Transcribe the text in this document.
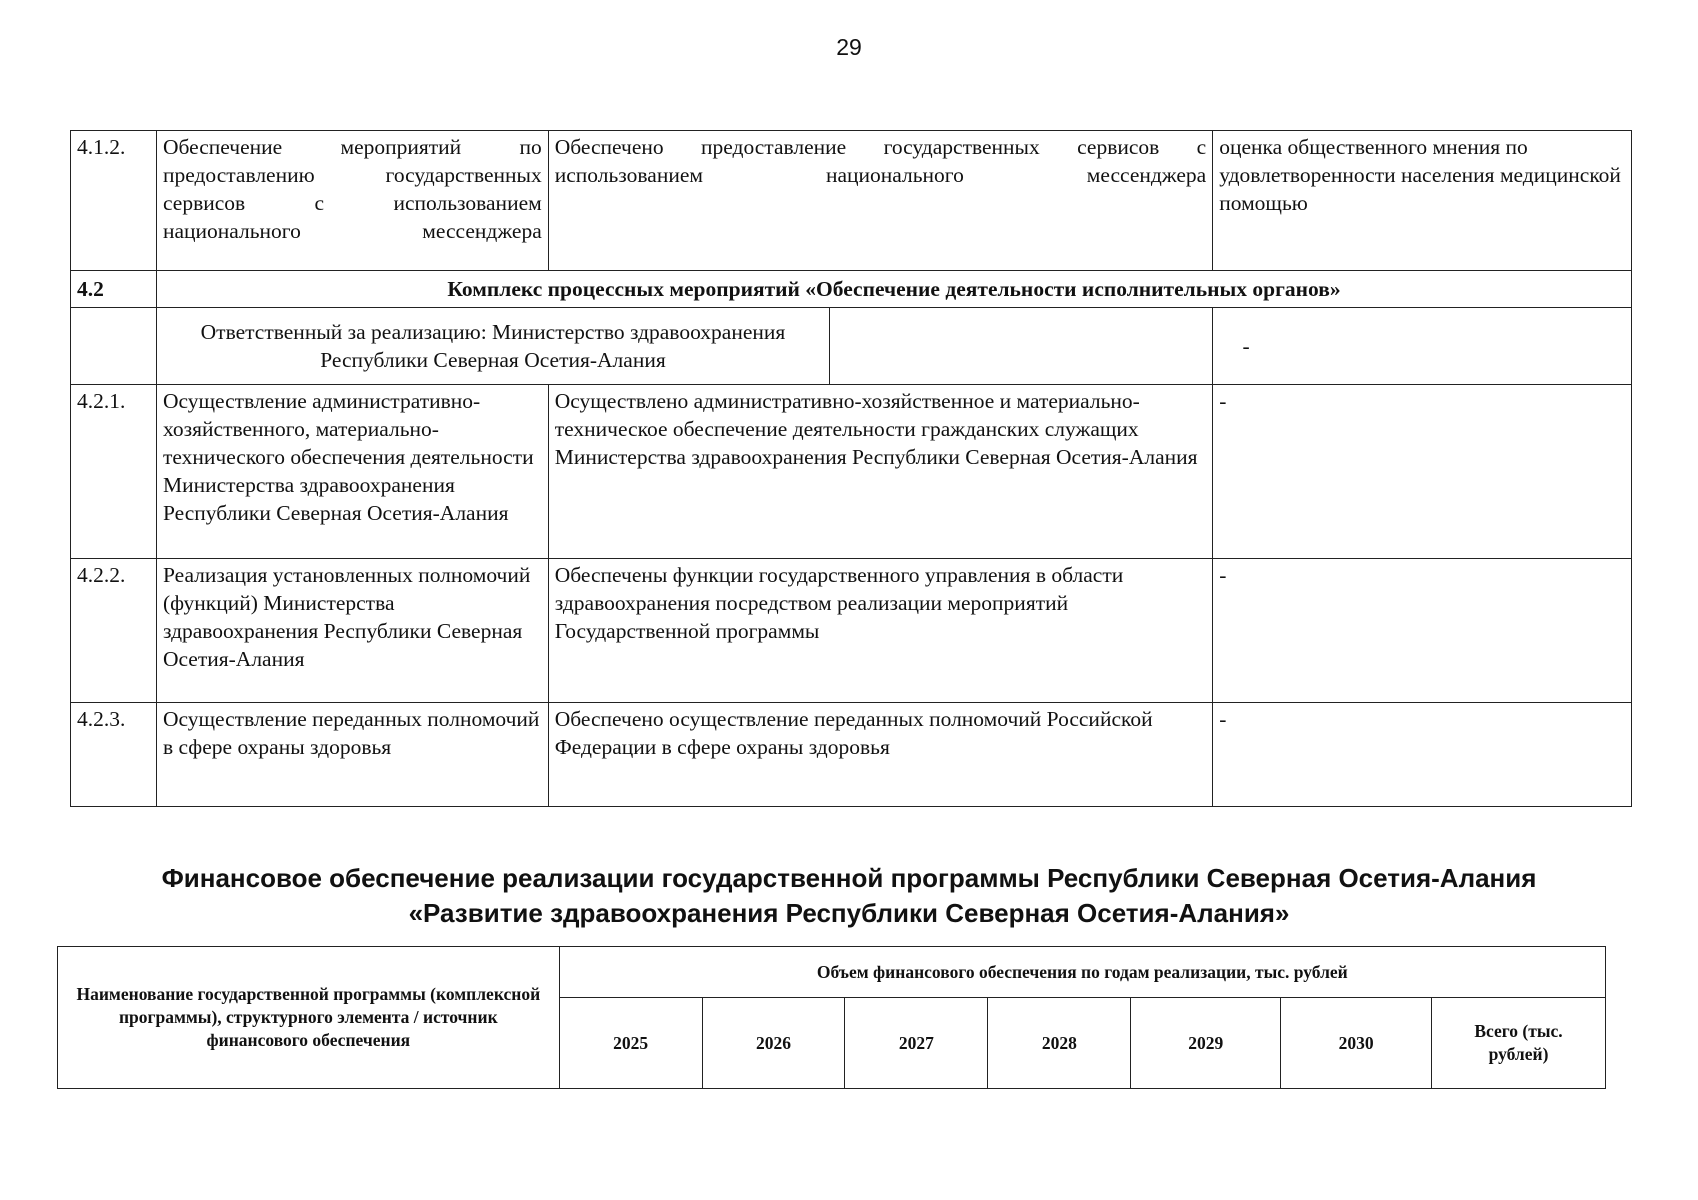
29
4.1.2.	Обеспечение мероприятий по предоставлению государственных сервисов с использованием национального мессенджера	Обеспечено предоставление государственных сервисов с использованием национального мессенджера	оценка общественного мнения по удовлетворенности населения медицинской помощью
4.2	Комплекс процессных мероприятий «Обеспечение деятельности исполнительных органов»

Ответственный за реализацию: Министерство здравоохранения Республики Северная Осетия-Алания	-

4.2.1.	Осуществление административно-хозяйственного, материально-технического обеспечения деятельности Министерства здравоохранения Республики Северная Осетия-Алания	Осуществлено административно-хозяйственное и материально-техническое обеспечение деятельности гражданских служащих Министерства здравоохранения Республики Северная Осетия-Алания	-
4.2.2.	Реализация установленных полномочий (функций) Министерства здравоохранения Республики Северная Осетия-Алания	Обеспечены функции государственного управления в области здравоохранения посредством реализации мероприятий Государственной программы	-
4.2.3.	Осуществление переданных полномочий в сфере охраны здоровья	Обеспечено осуществление переданных полномочий Российской Федерации в сфере охраны здоровья	-
Финансовое обеспечение реализации государственной программы Республики Северная Осетия-Алания
«Развитие здравоохранения Республики Северная Осетия-Алания»
Наименование государственной программы (комплексной программы), структурного элемента / источник финансового обеспечения	Объем финансового обеспечения по годам реализации, тыс. рублей						
	2025	2026	2027	2028	2029	2030	Всего (тыс. рублей)
